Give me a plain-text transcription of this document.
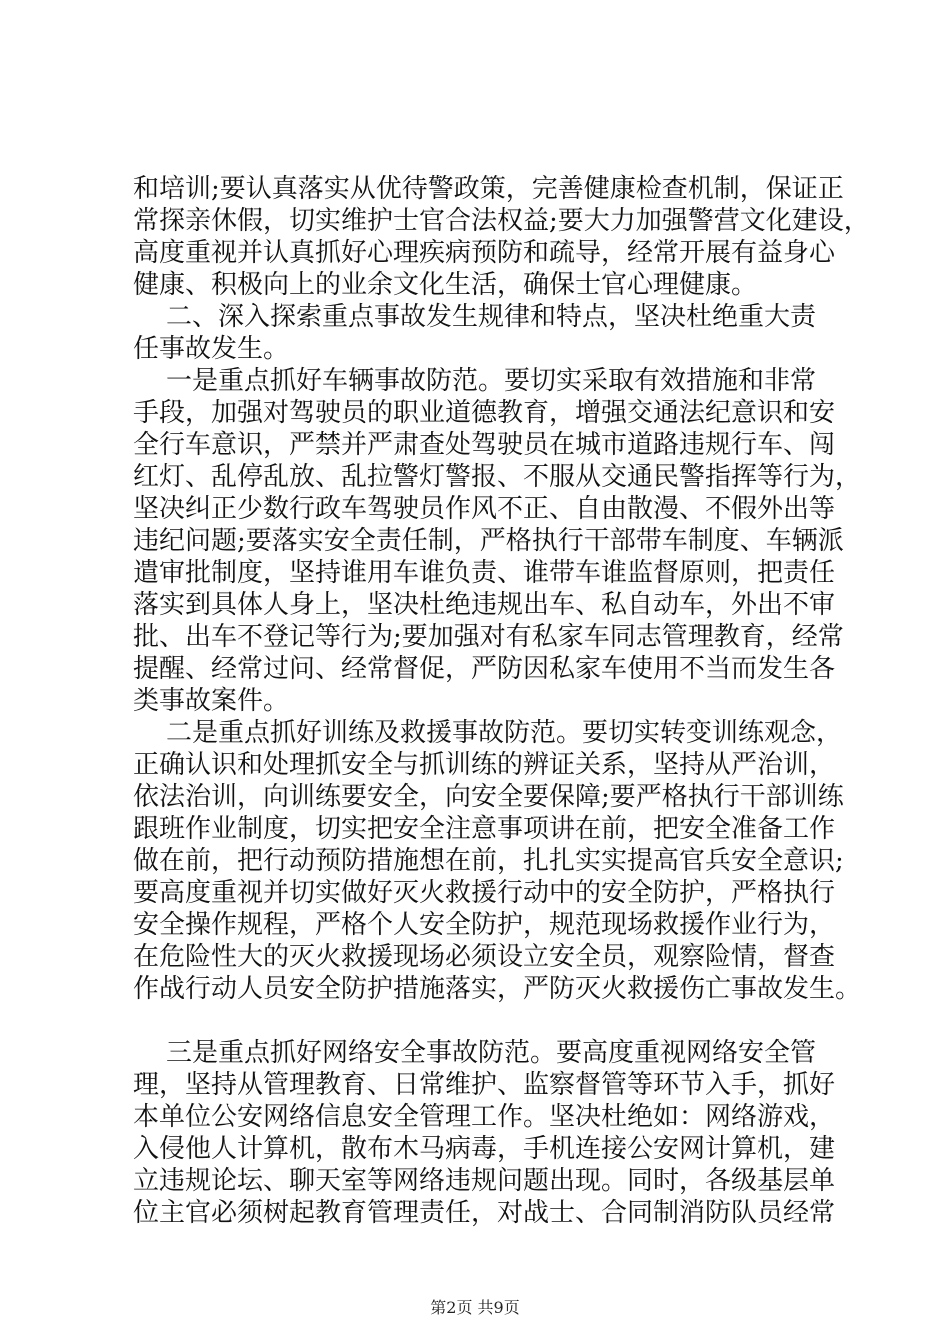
和培训;要认真落实从优待警政策，完善健康检查机制，保证正
常探亲休假，切实维护士官合法权益;要大力加强警营文化建设，
高度重视并认真抓好心理疾病预防和疏导，经常开展有益身心
健康、积极向上的业余文化生活，确保士官心理健康。
二、深入探索重点事故发生规律和特点，坚决杜绝重大责
任事故发生。
一是重点抓好车辆事故防范。要切实采取有效措施和非常
手段，加强对驾驶员的职业道德教育，增强交通法纪意识和安
全行车意识，严禁并严肃查处驾驶员在城市道路违规行车、闯
红灯、乱停乱放、乱拉警灯警报、不服从交通民警指挥等行为，
坚决纠正少数行政车驾驶员作风不正、自由散漫、不假外出等
违纪问题;要落实安全责任制，严格执行干部带车制度、车辆派
遣审批制度，坚持谁用车谁负责、谁带车谁监督原则，把责任
落实到具体人身上，坚决杜绝违规出车、私自动车，外出不审
批、出车不登记等行为;要加强对有私家车同志管理教育，经常
提醒、经常过问、经常督促，严防因私家车使用不当而发生各
类事故案件。
二是重点抓好训练及救援事故防范。要切实转变训练观念，
正确认识和处理抓安全与抓训练的辨证关系，坚持从严治训，
依法治训，向训练要安全，向安全要保障;要严格执行干部训练
跟班作业制度，切实把安全注意事项讲在前，把安全准备工作
做在前，把行动预防措施想在前，扎扎实实提高官兵安全意识;
要高度重视并切实做好灭火救援行动中的安全防护，严格执行
安全操作规程，严格个人安全防护，规范现场救援作业行为，
在危险性大的灭火救援现场必须设立安全员，观察险情，督查
作战行动人员安全防护措施落实，严防灭火救援伤亡事故发生。
三是重点抓好网络安全事故防范。要高度重视网络安全管
理，坚持从管理教育、日常维护、监察督管等环节入手，抓好
本单位公安网络信息安全管理工作。坚决杜绝如：网络游戏，
入侵他人计算机，散布木马病毒，手机连接公安网计算机，建
立违规论坛、聊天室等网络违规问题出现。同时，各级基层单
位主官必须树起教育管理责任，对战士、合同制消防队员经常
第2页 共9页
